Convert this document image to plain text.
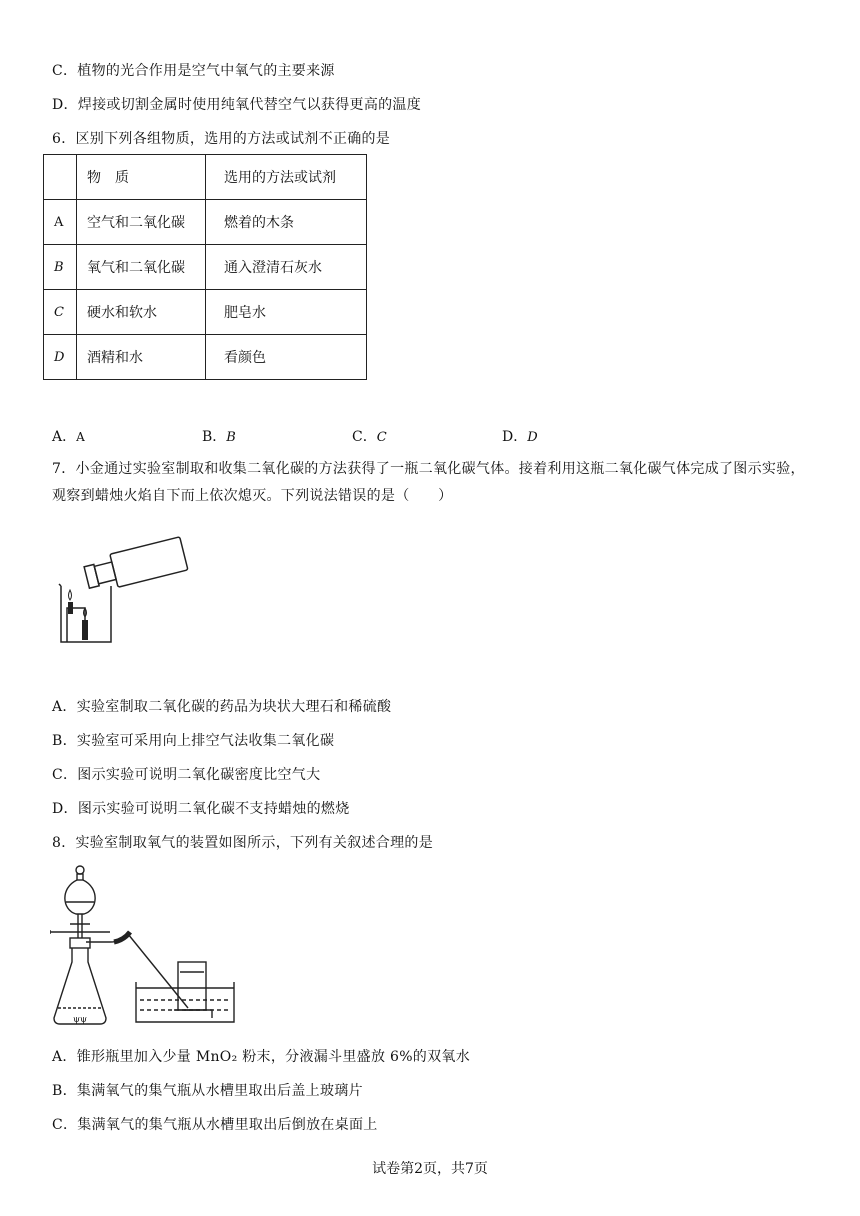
C．植物的光合作用是空气中氧气的主要来源
D．焊接或切割金属时使用纯氧代替空气以获得更高的温度
6．区别下列各组物质，选用的方法或试剂不正确的是
	物　质	选用的方法或试剂
A	空气和二氧化碳	燃着的木条
B	氧气和二氧化碳	通入澄清石灰水
C	硬水和软水	肥皂水
D	酒精和水	看颜色
A．A	B．B	C．C	D．D
7．小金通过实验室制取和收集二氧化碳的方法获得了一瓶二氧化碳气体。接着利用这瓶二氧化碳气体完成了图示实验，观察到蜡烛火焰自下而上依次熄灭。下列说法错误的是（　　）
A．实验室制取二氧化碳的药品为块状大理石和稀硫酸
B．实验室可采用向上排空气法收集二氧化碳
C．图示实验可说明二氧化碳密度比空气大
D．图示实验可说明二氧化碳不支持蜡烛的燃烧
8．实验室制取氧气的装置如图所示，下列有关叙述合理的是
ψψ
A．锥形瓶里加入少量 MnO₂ 粉末，分液漏斗里盛放 6%的双氧水
B．集满氧气的集气瓶从水槽里取出后盖上玻璃片
C．集满氧气的集气瓶从水槽里取出后倒放在桌面上
试卷第2页，共7页
